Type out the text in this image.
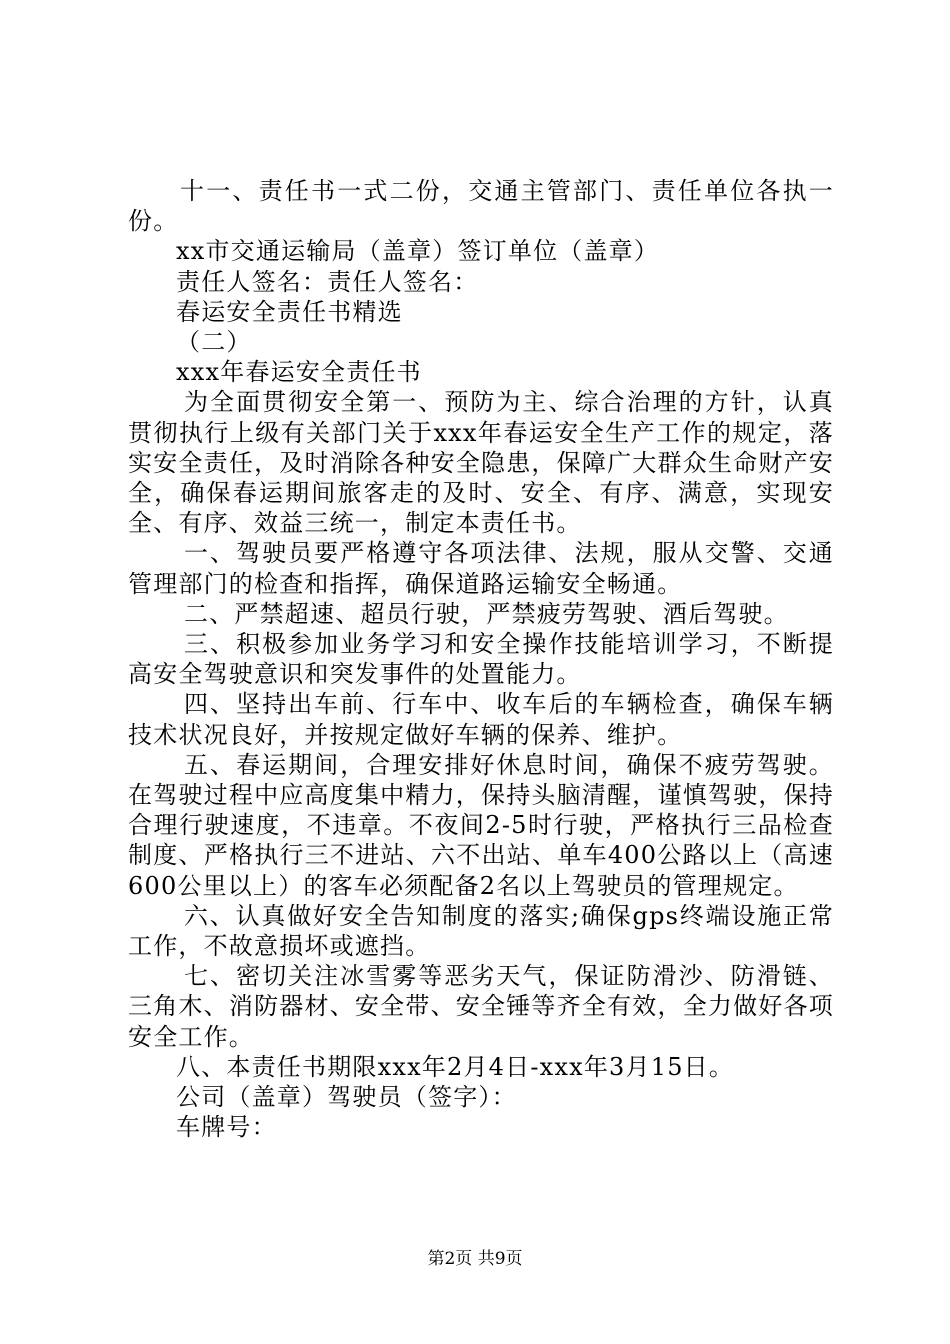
十一、责任书一式二份，交通主管部门、责任单位各执一份。

xx市交通运输局（盖章）签订单位（盖章）

责任人签名：责任人签名：

春运安全责任书精选

（二）

xxx年春运安全责任书

为全面贯彻安全第一、预防为主、综合治理的方针，认真贯彻执行上级有关部门关于xxx年春运安全生产工作的规定，落实安全责任，及时消除各种安全隐患，保障广大群众生命财产安全，确保春运期间旅客走的及时、安全、有序、满意，实现安全、有序、效益三统一，制定本责任书。

一、驾驶员要严格遵守各项法律、法规，服从交警、交通管理部门的检查和指挥，确保道路运输安全畅通。

二、严禁超速、超员行驶，严禁疲劳驾驶、酒后驾驶。

三、积极参加业务学习和安全操作技能培训学习，不断提高安全驾驶意识和突发事件的处置能力。

四、坚持出车前、行车中、收车后的车辆检查，确保车辆技术状况良好，并按规定做好车辆的保养、维护。

五、春运期间，合理安排好休息时间，确保不疲劳驾驶。在驾驶过程中应高度集中精力，保持头脑清醒，谨慎驾驶，保持合理行驶速度，不违章。不夜间2-5时行驶，严格执行三品检查制度、严格执行三不进站、六不出站、单车400公路以上（高速600公里以上）的客车必须配备2名以上驾驶员的管理规定。

六、认真做好安全告知制度的落实;确保gps终端设施正常工作，不故意损坏或遮挡。

七、密切关注冰雪雾等恶劣天气，保证防滑沙、防滑链、三角木、消防器材、安全带、安全锤等齐全有效，全力做好各项安全工作。

八、本责任书期限xxx年2月4日-xxx年3月15日。

公司（盖章）驾驶员（签字）：

车牌号：

第2页 共9页
